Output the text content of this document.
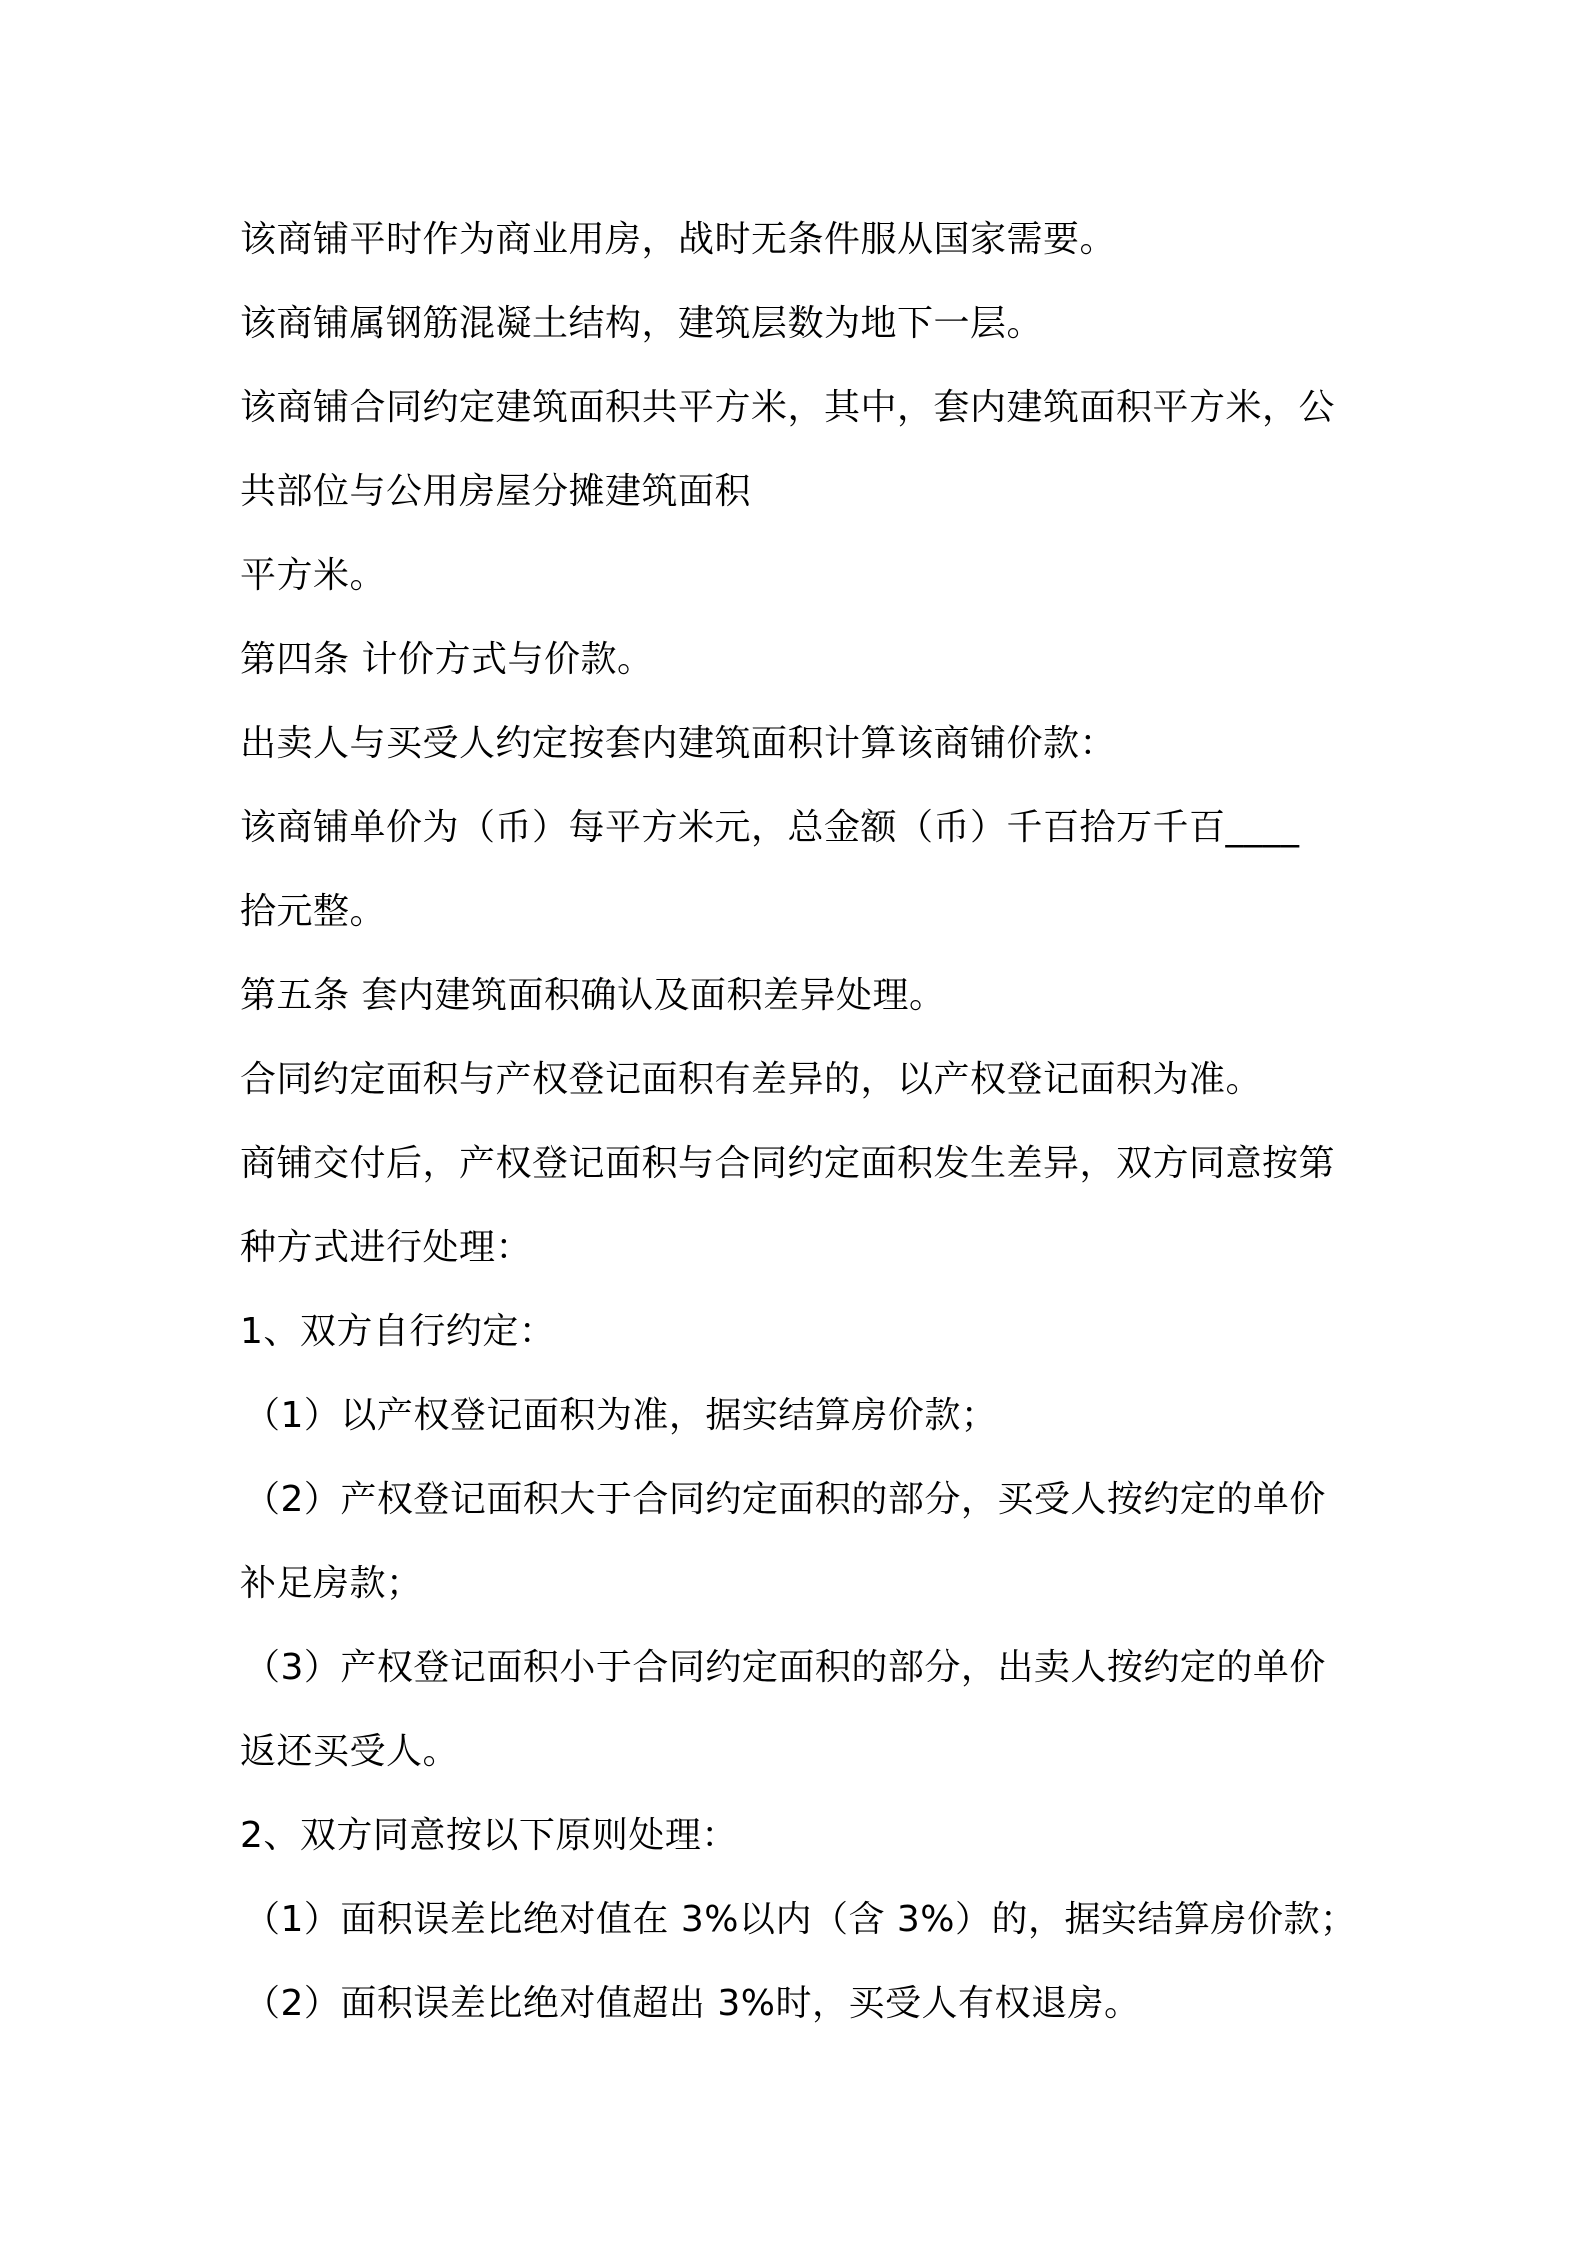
该商铺平时作为商业用房，战时无条件服从国家需要。
该商铺属钢筋混凝土结构，建筑层数为地下一层。
该商铺合同约定建筑面积共平方米，其中，套内建筑面积平方米，公
共部位与公用房屋分摊建筑面积
平方米。
第四条 计价方式与价款。
出卖人与买受人约定按套内建筑面积计算该商铺价款：
该商铺单价为（币）每平方米元，总金额（币）千百拾万千百____
拾元整。
第五条 套内建筑面积确认及面积差异处理。
合同约定面积与产权登记面积有差异的，以产权登记面积为准。
商铺交付后，产权登记面积与合同约定面积发生差异，双方同意按第
种方式进行处理：
1、双方自行约定：
（1）以产权登记面积为准，据实结算房价款；
（2）产权登记面积大于合同约定面积的部分，买受人按约定的单价
补足房款；
（3）产权登记面积小于合同约定面积的部分，出卖人按约定的单价
返还买受人。
2、双方同意按以下原则处理：
（1）面积误差比绝对值在 3%以内（含 3%）的，据实结算房价款；
（2）面积误差比绝对值超出 3%时，买受人有权退房。
